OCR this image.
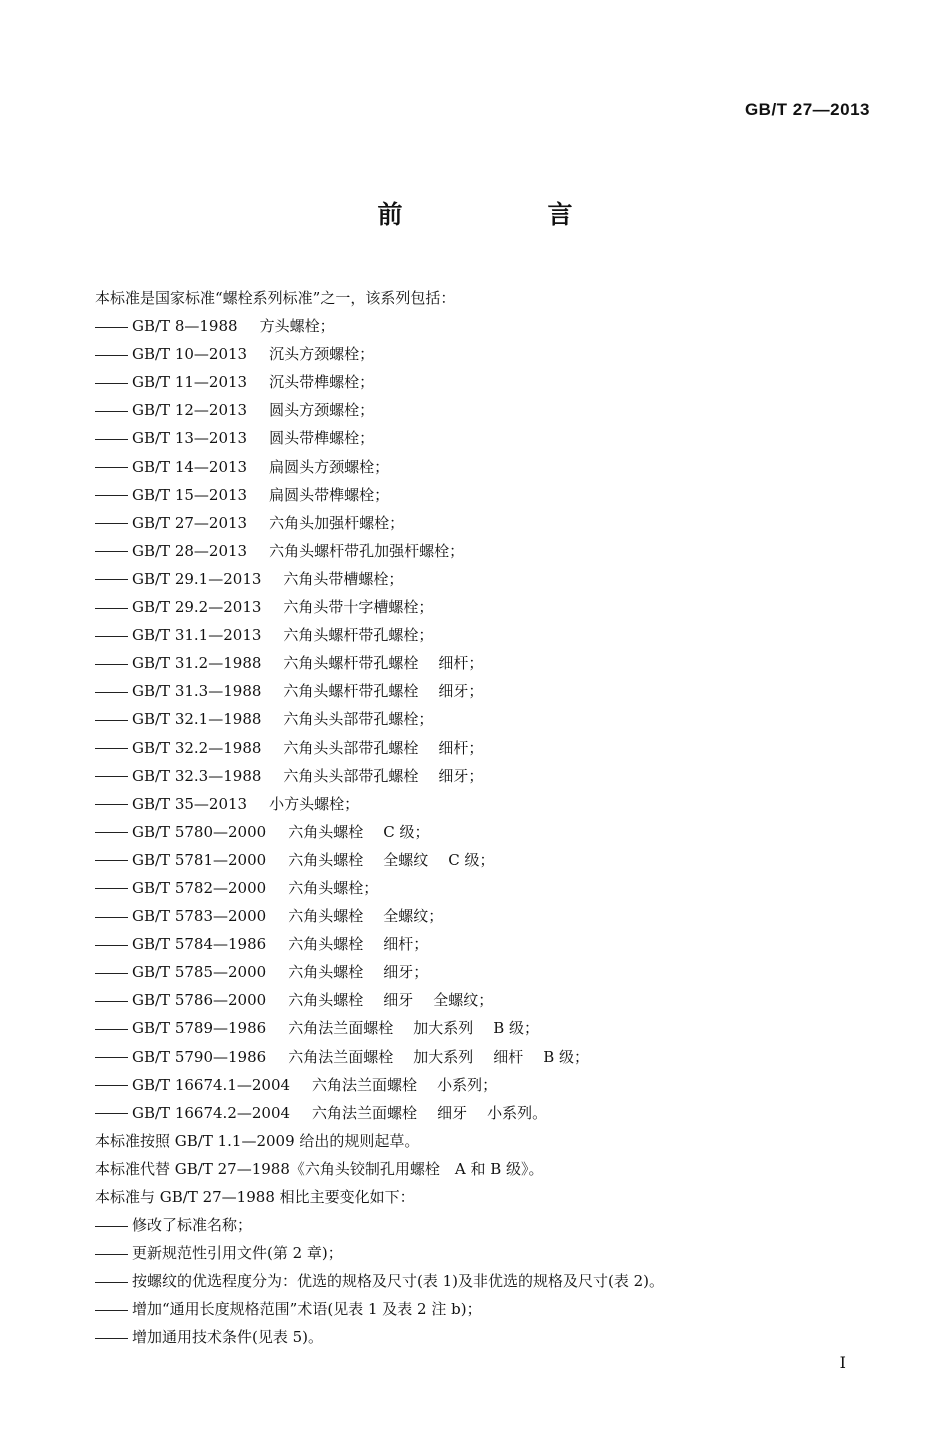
GB/T 27—2013
前　言
本标准是国家标准“螺栓系列标准”之一，该系列包括：
GB/T 8—1988 方头螺栓；
GB/T 10—2013 沉头方颈螺栓；
GB/T 11—2013 沉头带榫螺栓；
GB/T 12—2013 圆头方颈螺栓；
GB/T 13—2013 圆头带榫螺栓；
GB/T 14—2013 扁圆头方颈螺栓；
GB/T 15—2013 扁圆头带榫螺栓；
GB/T 27—2013 六角头加强杆螺栓；
GB/T 28—2013 六角头螺杆带孔加强杆螺栓；
GB/T 29.1—2013 六角头带槽螺栓；
GB/T 29.2—2013 六角头带十字槽螺栓；
GB/T 31.1—2013 六角头螺杆带孔螺栓；
GB/T 31.2—1988 六角头螺杆带孔螺栓 细杆；
GB/T 31.3—1988 六角头螺杆带孔螺栓 细牙；
GB/T 32.1—1988 六角头头部带孔螺栓；
GB/T 32.2—1988 六角头头部带孔螺栓 细杆；
GB/T 32.3—1988 六角头头部带孔螺栓 细牙；
GB/T 35—2013 小方头螺栓；
GB/T 5780—2000 六角头螺栓 C 级；
GB/T 5781—2000 六角头螺栓 全螺纹 C 级；
GB/T 5782—2000 六角头螺栓；
GB/T 5783—2000 六角头螺栓 全螺纹；
GB/T 5784—1986 六角头螺栓 细杆；
GB/T 5785—2000 六角头螺栓 细牙；
GB/T 5786—2000 六角头螺栓 细牙 全螺纹；
GB/T 5789—1986 六角法兰面螺栓 加大系列 B 级；
GB/T 5790—1986 六角法兰面螺栓 加大系列 细杆 B 级；
GB/T 16674.1—2004 六角法兰面螺栓 小系列；
GB/T 16674.2—2004 六角法兰面螺栓 细牙 小系列。
本标准按照 GB/T 1.1—2009 给出的规则起草。
本标准代替 GB/T 27—1988《六角头铰制孔用螺栓　A 和 B 级》。
本标准与 GB/T 27—1988 相比主要变化如下：
修改了标准名称；
更新规范性引用文件(第 2 章)；
按螺纹的优选程度分为：优选的规格及尺寸(表 1)及非优选的规格及尺寸(表 2)。
增加“通用长度规格范围”术语(见表 1 及表 2 注 b)；
增加通用技术条件(见表 5)。
I
